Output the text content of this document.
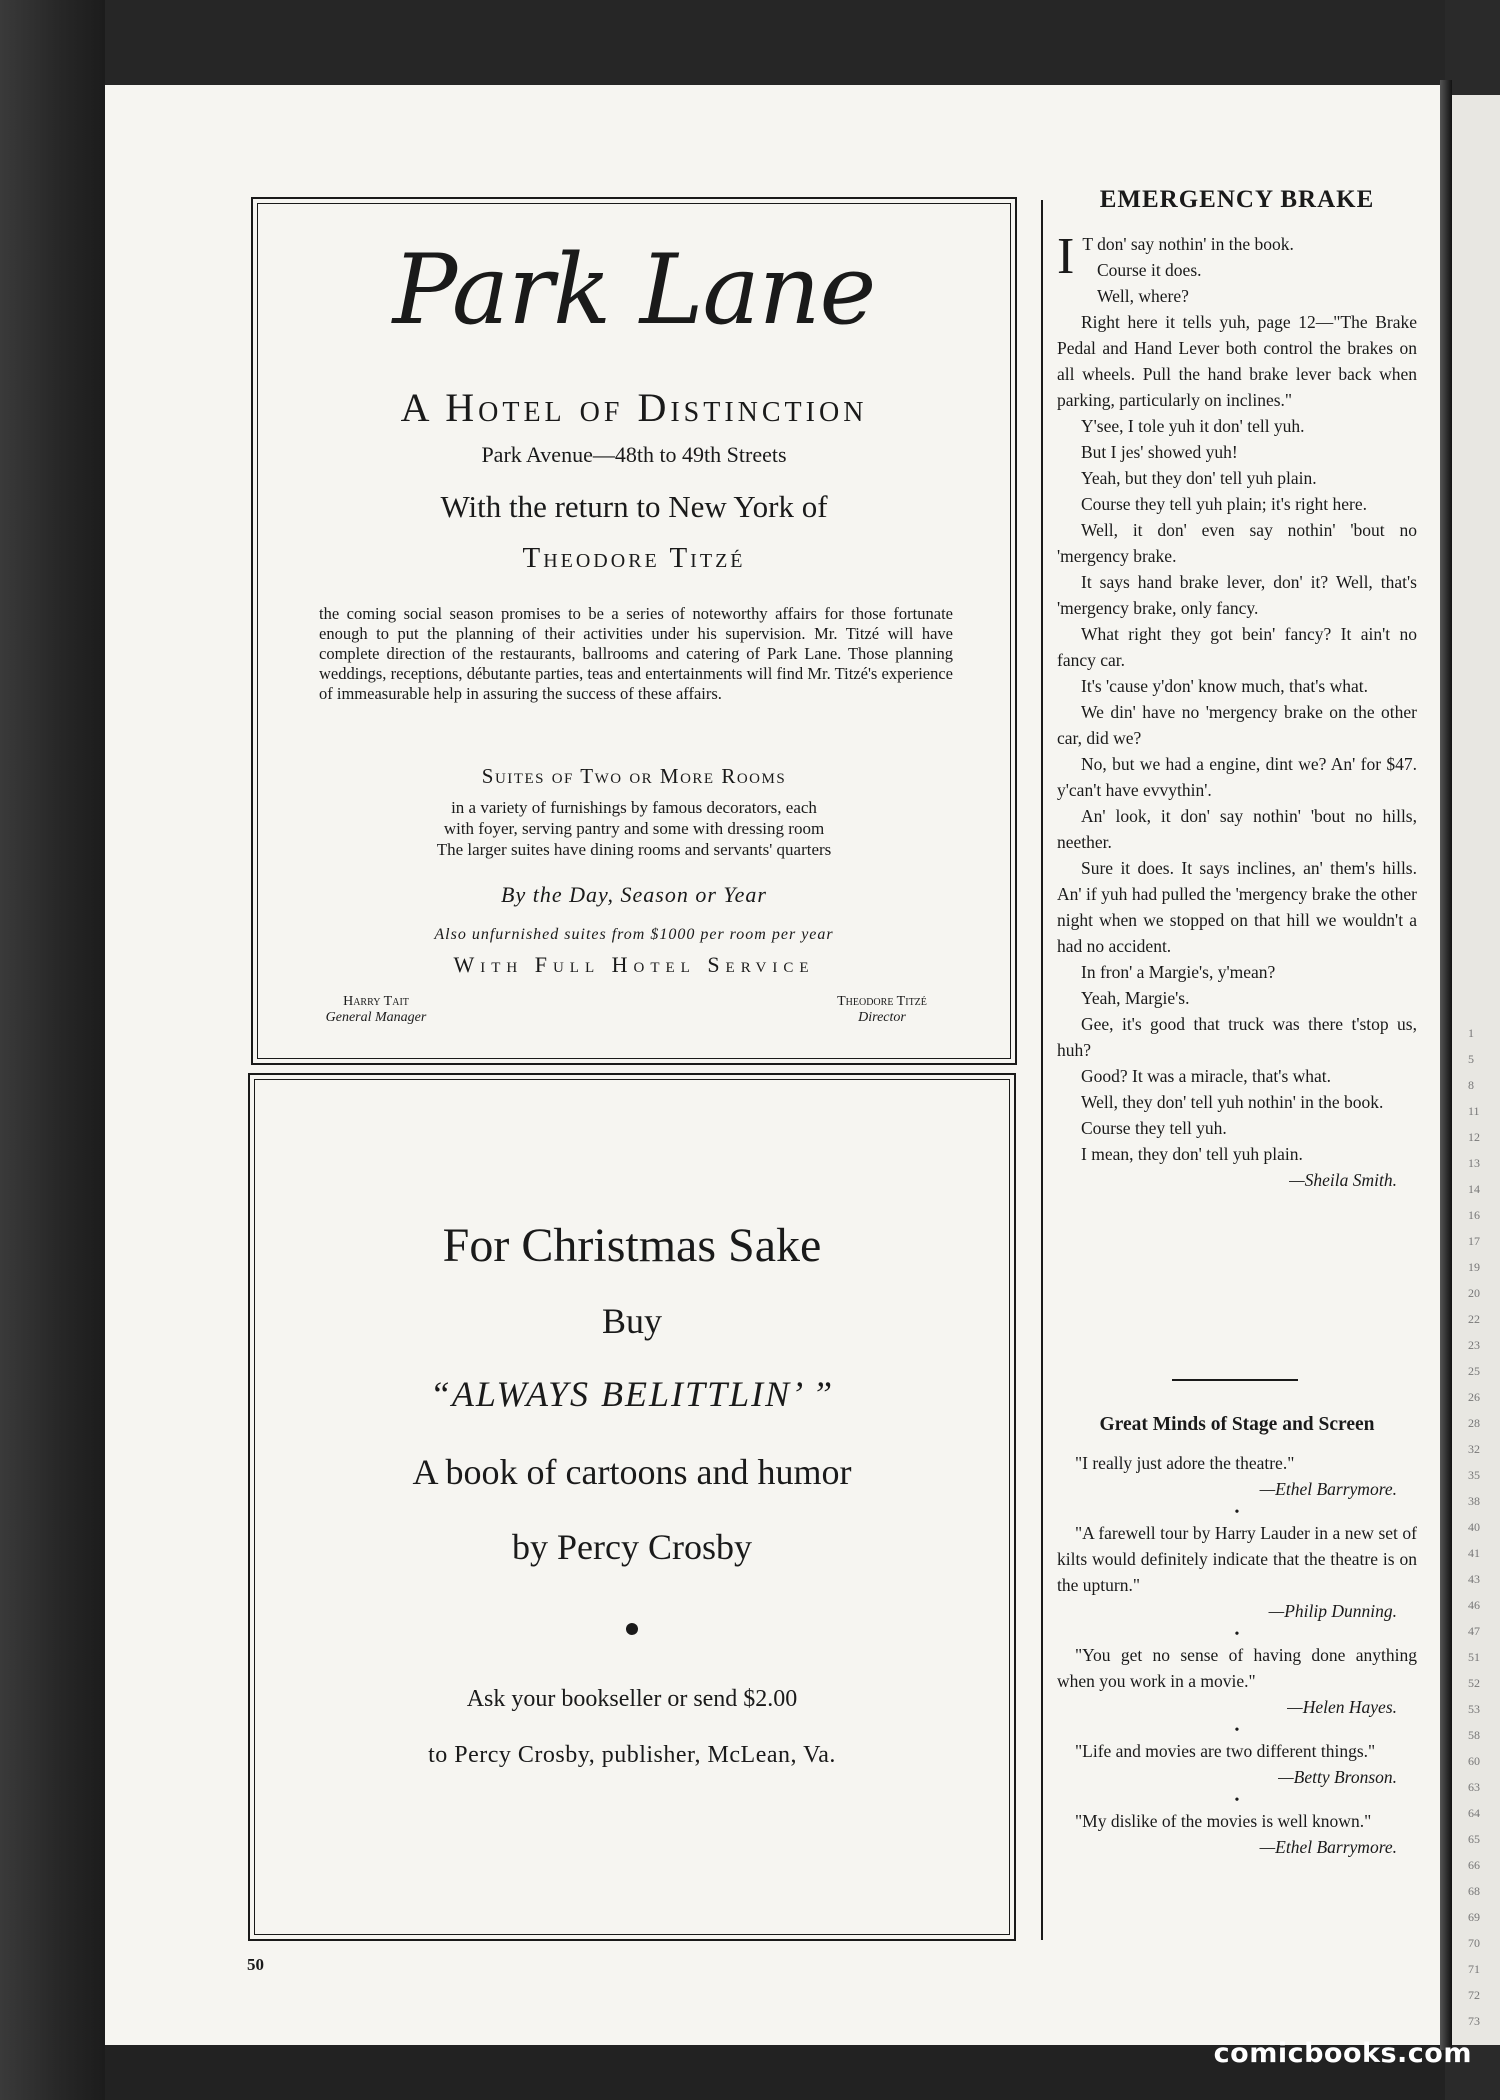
Park Lane
A Hotel of Distinction
Park Avenue—48th to 49th Streets
With the return to New York of
Theodore Titzé
the coming social season promises to be a series of noteworthy affairs for those fortunate enough to put the planning of their activities under his supervision. Mr. Titzé will have complete direction of the restaurants, ballrooms and catering of Park Lane. Those planning weddings, receptions, débutante parties, teas and entertainments will find Mr. Titzé's experience of immeasurable help in assuring the success of these affairs.
Suites of Two or More Rooms
in a variety of furnishings by famous decorators, each
with foyer, serving pantry and some with dressing room
The larger suites have dining rooms and servants' quarters
By the Day, Season or Year
Also unfurnished suites from $1000 per room per year
With Full Hotel Service
Harry Tait
General Manager
Theodore Titzé
Director
For Christmas Sake
Buy
“ALWAYS BELITTLIN’ ”
A book of cartoons and humor
by Percy Crosby
Ask your bookseller or send $2.00
to Percy Crosby, publisher, McLean, Va.
50
EMERGENCY BRAKE

I T don' say nothin' in the book.

Course it does.

Well, where?

Right here it tells yuh, page 12—"The Brake Pedal and Hand Lever both control the brakes on all wheels. Pull the hand brake lever back when parking, particularly on inclines."

Y'see, I tole yuh it don' tell yuh.

But I jes' showed yuh!

Yeah, but they don' tell yuh plain.

Course they tell yuh plain; it's right here.

Well, it don' even say nothin' 'bout no 'mergency brake.

It says hand brake lever, don' it? Well, that's 'mergency brake, only fancy.

What right they got bein' fancy? It ain't no fancy car.

It's 'cause y'don' know much, that's what.

We din' have no 'mergency brake on the other car, did we?

No, but we had a engine, dint we? An' for $47. y'can't have evvythin'.

An' look, it don' say nothin' 'bout no hills, neether.

Sure it does. It says inclines, an' them's hills. An' if yuh had pulled the 'mergency brake the other night when we stopped on that hill we wouldn't a had no accident.

In fron' a Margie's, y'mean?

Yeah, Margie's.

Gee, it's good that truck was there t'stop us, huh?

Good? It was a miracle, that's what.

Well, they don' tell yuh nothin' in the book.

Course they tell yuh.

I mean, they don' tell yuh plain.

—Sheila Smith.
Great Minds of Stage and Screen

"I really just adore the theatre."

—Ethel Barrymore.

•

"A farewell tour by Harry Lauder in a new set of kilts would definitely indicate that the theatre is on the upturn."

—Philip Dunning.

•

"You get no sense of having done anything when you work in a movie."

—Helen Hayes.

•

"Life and movies are two different things."

—Betty Bronson.

•

"My dislike of the movies is well known."

—Ethel Barrymore.

1
5
8
11
12
13
14
16
17
19
20
22
23
25
26
28
32
35
38
40
41
43
46
47
51
52
53
58
60
63
64
65
66
68
69
70
71
72
73
comicbooks.com
